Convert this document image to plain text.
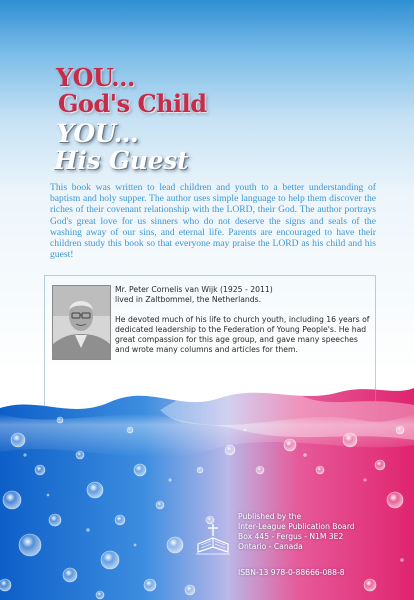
YOU...
God's Child
YOU...
His Guest

This book was written to lead children and youth to a better understanding of baptism and holy supper. The author uses simple language to help them discover the riches of their covenant relationship with the LORD, their God. The author portrays God's great love for us sinners who do not deserve the signs and seals of the washing away of our sins, and eternal life. Parents are encouraged to have their children study this book so that everyone may praise the LORD as his child and his guest!

Mr. Peter Cornelis van Wijk (1925 - 2011)

lived in Zaltbommel, the Netherlands.

He devoted much of his life to church youth, including 16 years of dedicated leadership to the Federation of Young People's. He had great compassion for this age group, and gave many speeches and wrote many columns and articles for them.

Published by the

Inter-League Publication Board

Box 445 - Fergus - N1M 3E2

Ontario - Canada

ISBN-13 978-0-88666-088-8
